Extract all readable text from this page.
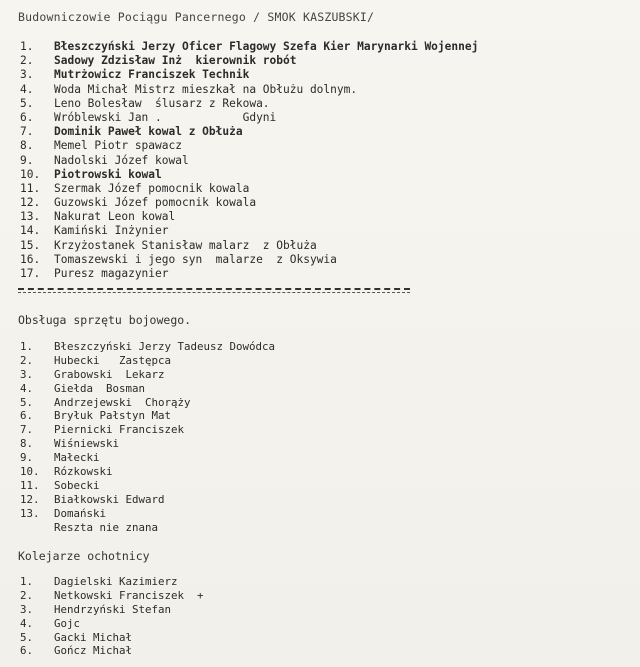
Budowniczowie Pociągu Pancernego / SMOK KASZUBSKI/
1.	Błeszczyński Jerzy Oficer Flagowy Szefa Kier Marynarki Wojennej
2.	Sadowy Zdzisław Inż  kierownik robót
3.	Mutrżowicz Franciszek Technik
4.	Woda Michał Mistrz mieszkał na Obłużu dolnym.
5.	Leno Bolesław  ślusarz z Rekowa.
6.	Wróblewski Jan .            Gdyni
7.	Dominik Paweł kowal z Obłuża
8.	Memel Piotr spawacz
9.	Nadolski Józef kowal
10.	Piotrowski kowal
11.	Szermak Józef pomocnik kowala
12.	Guzowski Józef pomocnik kowala
13.	Nakurat Leon kowal
14.	Kamiński Inżynier
15.	Krzyżostanek Stanisław malarz  z Obłuża
16.	Tomaszewski i jego syn  malarze  z Oksywia
17.	Puresz magazynier
Obsługa sprzętu bojowego.
1.	Błeszczyński Jerzy Tadeusz Dowódca
2.	Hubecki   Zastępca
3.	Grabowski  Lekarz
4.	Giełda  Bosman
5.	Andrzejewski  Chorąży
6.	Bryłuk Pałstyn Mat
7.	Piernicki Franciszek
8.	Wiśniewski
9.	Małecki
10.	Rózkowski
11.	Sobecki
12.	Białkowski Edward
13.	Domański
Reszta nie znana
Kolejarze ochotnicy
1.	Dagielski Kazimierz
2.	Netkowski Franciszek  +
3.	Hendrzyński Stefan
4.	Gojc
5.	Gacki Michał
6.	Gończ Michał
